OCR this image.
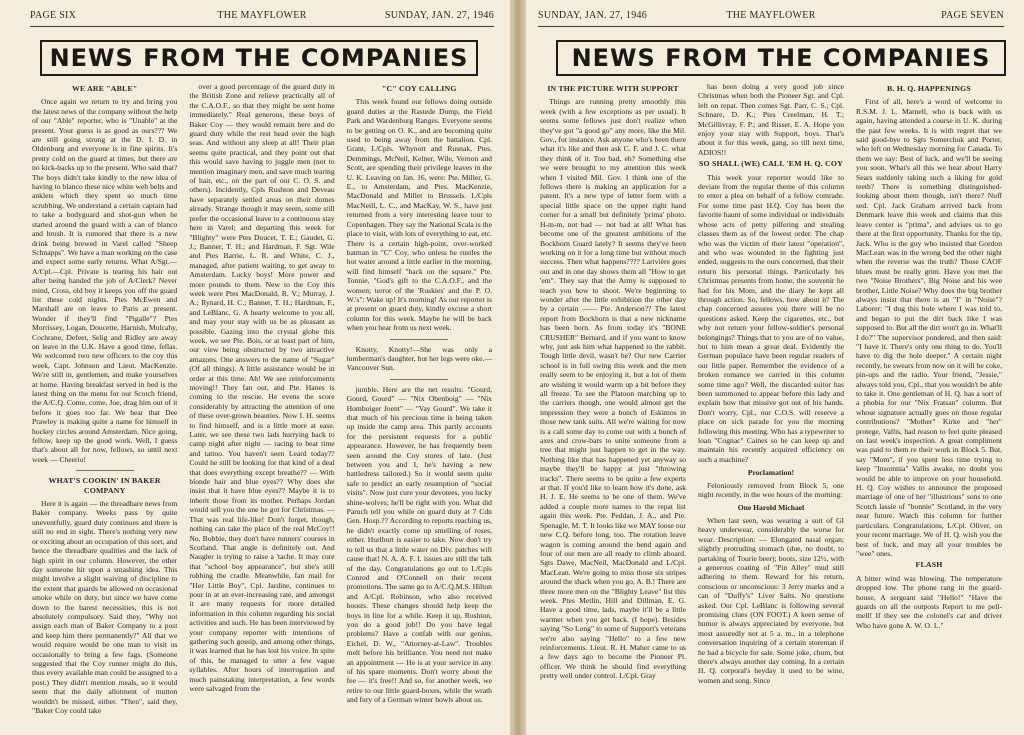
PAGE SIX	THE MAYFLOWER	SUNDAY, JAN. 27, 1946
NEWS FROM THE COMPANIES
WE ARE "ABLE"

Once again we return to try and bring you the latest news of the company without the help of our "Able" reporter, who is "Unable" at the present. Your guess is as good as ours??? We are still going strong at the D. I. D. in Oldenburg and everyone is in fine spirits. It's pretty cold on the guard at times, but there are no kick-backs up to the present. Who said that? The boys didn't take kindly to the new idea of having to blanco these nice white web belts and anklets which they spent so much time scrubbing. We understand a certain captain had to take a bodyguard and shot-gun when he started around the guard with a can of blanco and brush. It is rumored that there is a new drink being brewed in Varel called "Sheep Schnapps". We have a man working on the case and expect some early returns. What A/Sgt.—A/Cpl.—Cpl. Private is tearing his hair out after being handed the job of A/Clerk? Never mind, Cross, old boy it keeps you off the guard list these cold nights. Ptes McEwen and Marshall are on leave to Paris at present. Wonder if they'll find "Pigalle"? Ptes Morrissey, Logan, Doucette, Harnish, Mulcahy, Cochrane, Defeet, Selig and Ridley are away on leave in the U.K. Have a good time, fellas. We welcomed two new officers to the coy this week, Capt. Johnson and Lieut. MacKenzie. We're still in, gentlemen, and make yourselves at home. Having breakfast served in bed is the latest thing on the menu for our Scotch friend, the A/C.Q. Come, come, Joe, drag him out of it before it goes too far. We hear that Dee Prawley is making quite a name for himself in hockey circles around Amsterdam. Nice going, fellow, keep up the good work. Well, I guess that's about all for now, fellows, so until next week — Cheerio!

WHAT'S COOKIN' IN BAKER COMPANY

Here it is again — the threadbare news from Baker company. Weeks pass by quite uneventfully, guard duty continues and there is still no end in sight. There's nothing very new or exciting about an occupation of this sort, and hence the threadbare qualities and the lack of high spirit in our column. However, the other day someone hit upon a smashing idea. This might involve a slight waiving of discipline to the extent that guards be allowed on occasional smoke while on duty, but since we have come down to the barest necessities, this is not absolutely compulsory. Said they, "Why not assign each man of Baker Company to a post and keep him there permanently?" All that we would require would be one man to visit us occasionally to bring a few fags. (Someone suggested that the Coy runner might do this, thus every available man could be assigned to a post.) They didn't mention meals, so it would seem that the daily allotment of mutton wouldn't be missed, either. "Then", said they, "Baker Coy could take

over a good percentage of the guard duty in the British Zone and relieve practically all of the C.A.O.F., so that they might be sent home immediately." Real generous, these boys of Baker Coy — they would remain here and do guard duty while the rest head over the high seas. And without any sleep at all! Their plan seems quite practical, and they point out that this would save having to juggle men (not to mention imaginary men, and save much tearing of hair, etc., on the part of our C. O. S. and others). Incidently, Cpls Rushton and Deveau have separately settled areas on their domes already. Strange though it may seem, some still prefer the occasional leave to a continuous stay here in Varel; and departing this week for "Blighty" were Ptes Doucet, T. E.; Gaudet, G. J.; Banner, T. H.; and Hardman, F. Sgt. Wile and Ptes Barrie, L. R. and White, C. J., managed, after patient waiting, to get away to Amsterdam. Lucky boys! More power and more pounds to them. New to the Coy this week were Ptes MacDonald, R. V.; Murray, J. A.; Rynard, H. C.; Banner, T. H.; Hardman, F., and LeBlanc, G. A hearty welcome to you all, and may your stay with us be as pleasant as possible. Gazing into the crystal globe this week, we see Pte. Bois, or at least part of him, our view being obstructed by two attractive amazons. One answers to the name of "Sugar" (Of all things). A little assistance would be in order at this time. Ah! We see reinforcements moving!! They fan out, and Pte. Hanes is coming to the rescue. He evens the score considerably by attracting the attention of one of these over-grown beauties. Now I. H. seems to find himself, and is a little more at ease. Later, we see these two lads hurrying back to camp night after night — racing to beat time and tattoo. You haven't seen Leard today?? Could he still be looking for that kind of a deal that does everything except breathe?? — With blonde hair and blue eyes?? Why does she insist that it have blue eyes?? Maybe it is to inherit those from its mother. Perhaps Jordan would sell you the one he got for Christmas. — That was real life-like! Don't forget, though, nothing can take the place of the real McCoy!! No, Bobbie, they don't have runners' courses in Scotland. That angle is definitely out. And Naugler is trying to raise a 'tache. It may cure that "school boy appearance", but she's still robbing the cradle. Meanwhile, fan mail for "Her Little Boy", Cpl. Jardine, continues to pour in at an ever-increasing rate, and amongst it are many requests for more detailed information in this column regarding his social activities and such. He has been interviewed by your company reporter with intentions of gathering such gossip, and among other things, it was learned that he has lost his voice. In spite of this, he managed to utter a few vague syllables. After hours of interrogation and much painstaking interpretation, a few words were salvaged from the

"C" COY CALLING

This week found our fellows doing outside guard duties at the Rastede Dump, the Field Park and Wardenburg Ranges. Everyone seems to be getting on O. K., and are becoming quite used to being away from the battalion. Cpl. Grant, L/Cpls. Whynott and Rusnak, Ptes. Demmings, McNeil, Kelner, Wile, Vernon and Scott, are spending their privilege leaves in the U. K. Leaving on Jan. 16, were: Pte. Miller, G. E., to Amsterdam, and Ptes. MacKenzie, MacDonald and Millet to Brussels. L/Cpls MacNeill, L. C., and MacKay, W. S., have just returned from a very interesting leave tour to Copenhagen. They say the National Scala is the place to visit, with lots of everything to eat, etc. There is a certain high-point, over-worked batman in "C" Coy, who unless he rustles the hot water around a little earlier in the morning, will find himself "back on the square." Pte. Tonnie, "God's gift to the C.A.O.F., and the women; terror of the 'Ruskies' and the P. O. W.'s": Wake up! It's morning! As our reporter is at present on guard duty, kindly excuse a short column for this week. Maybe he will be back when you hear from us next week.

Knotty, Knotty!—She was only a lumberman's daughter, but her legs were oke.—Vancouver Sun.

jumble. Here are the net results: "Gourd, Gourd, Gourd" — "Nix Obenboig" — "Nix Homboiger Joent" — "Vay Gourd". We take it that much of his precious time is being taken up inside the camp area. This partly accounts for the persistent requests for a public appearance. However, he has frequently been seen around the Coy stores of late. (Just between you and I, he's having a new battledress tailored.) So it would seem quite safe to predict an early resumption of "social visits". Now just cure your devotees, you lucky shine-wolves; he'll be right with you. What did Paruch tell you while on guard duty at 7 Cdn Gen. Hosp.?? According to reports reaching us, he didn't exactly come up smelling of roses, either. Hurlburt is easier to take. Now don't try to tell us that a little water on Div. patches will cause that! N. A. A. F. I. issues are still the talk of the day. Congratulations go out to L/Cpls Conrod and O'Connell on their recent promotions. The same go to A/C.Q.M.S. Hilton and A/Cpl. Robinson, who also received boosts. These changes should help keep the boys in line for a while. Keep it up, Rushton, you do a good job!! Do you have legal problems? Have a confab with our genius, Eichel, D. W., "Attorney-at-Law". Troubles melt before his brilliance. You need not make an appointment — He is at your service in any of his spare moments. Don't worry about the fee — it's free!! And so, for another week, we retire to our little guard-boxes, while the wrath and fury of a German winter howls about us.

SUNDAY, JAN. 27, 1946	THE MAYFLOWER	PAGE SEVEN
NEWS FROM THE COMPANIES
IN THE PICTURE WITH SUPPORT

Things are running pretty smoothly this week (with a few exceptions as per usual). It seems some fellows just don't realize when they've got "a good go" any more, like the Mil. Gov., for instance. Ask anyone who's been there what it's like and then ask C. F. and J. C. what they think of it. Too bad, eh? Something else we were brought to my attention this week when I visited Mil. Gov. I think one of the fellows there is making an application for a patent. It's a new type of letter form with a special little space on the upper right hand corner for a small but definitely 'prima' photo. H-m-m, not bad — not bad at all! What has become one of the greatest ambitions of the Bockhorn Guard lately? It seems they've been working on it for a long time but without much success. Then what happens???? Larivière goes out and in one day shows them all "How to get 'em". They say that the Army is supposed to teach you how to shoot. We're beginning to wonder after the little exhibition the other day by a certain —— Pte. Anderson?? The latest report from Bockhorn is that a new nickname has been born. As from today it's "BONE CRUSHER" Bernard, and if you want to know why, just ask him what happened to the rabbit. Tough little devil, wasn't he? Our new Carrier school is in full swing this week and the men really seem to be enjoying it, but a lot of them are wishing it would warm up a bit before they all freeze. To see the Platoon marching up to the carriers though, one would almost get the impression they were a bunch of Eskimos in those new tank suits. All we're waiting for now is a call some day to come out with a bunch of axes and crow-bars to unite someone from a tree that might just happen to get in the way. Nothing like that has happened yet anyway so maybe they'll be happy at just "throwing tracks". There seems to be quite a few experts at that. If you'd like to learn how it's done, ask H. J. E. He seems to be one of them. We've added a couple more names to the repat list again this week. Pte. Peddan, J. A., and Pte. Spenagle, M. T. It looks like we MAY loose our new C.Q. before long, too. The rotation leave wagon is coming around the bend again and four of our men are all ready to climb aboard. Sgts Dawe, MacNeil, MacDonald and L/Cpl. MacLean. We're going to miss those six stripes around the shack when you go, A. B.! There are three more men on the "Blighty Leave" list this week. Ptes Metlin, Hill and Dillman, E. G. Have a good time, lads, maybe it'll be a little warmer when you get back. (I hope). Besides saying "So Long" to some of Support's veterans we're also saying "Hello" to a few new reinforcements. Lieut. R. H. Maher came to us a few days ago to become the Pioneer Pl. officer. We think he should find everything pretty well under control. L/Cpl. Gray

has been doing a very good job since Christmas when both the Pioneer Sgt. and Cpl. left on repat. Then comes Sgt. Parr, C. S.; Cpl. Schnare, D. K.; Ptes Creelman, H. T.; McGillivray, F. P.; and Risser, E. A. Hope you enjoy your stay with Support, boys. That's about it for this week, gang, so till next time, ADIOS!!

SO SHALL (WE) CALL 'EM H. Q. COY

This week your reporter would like to deviate from the regular theme of this column to enter a plea on behalf of a fellow comrade. For some time past H.Q. Coy has been the favorite haunt of some individual or individuals whose acts of petty pilfering and stealing classes them as of the lowest order. The chap who was the victim of their latest "operation", and who was wounded in the fighting just ended, suggests to the ours concerned, that their return his personal things. Particularly his Christmas presents from home, the souvenir he had for his Mom, and the diary he kept all through action. So, fellows, how about it? The chap concerned assures you there will be no questions asked. Keep the cigarettes, etc., but why not return your fellow-soldier's personal belongings? Things that to you are of no value, but to him mean a great deal. Evidently the German populace have been regular readers of our little paper. Remember the evidence of a broken romance we carried in this column some time ago? Well, the discarded suitor has been summoned to appear before this lady and explain how that missive got out of his hands. Don't worry, Cpl., our C.O.S. will reserve a place on sick parade for you the morning following this meeting. Who has a typewriter to loan "Cognac" Caines so he can keep up and maintain his recently acquired efficiency on such a machine?

Proclamation!

Feloniously removed from Block 5, one night recently, in the wee hours of the morning:

One Harold Michael

When last seen, was wearing a suit of GI heavy underwear, considerably the worse for wear. Description: — Elongated nasal organ; slightly protruding stomach (due, no doubt, to partaking of Tourie beer); boots, size 12½, with a generous coating of "Pin Alley" mud still adhering to them. Reward for his return, conscious or unconscious: 3 Jerry marks and a can of "Duffy's" Liver Salts. No questions asked. Our Cpl. LeBlanc is following several promising clues (ON FOOT.) A keen sense of humor is always appreciated by everyone, but most assuredly not at 5 a. m., in a telephone conversation inquiring of a certain storeman if he had a bicycle for sale. Some joke, chum, but there's always another day coming. In a certain H. Q. corporal's heyday it used to be wine, women and song. Since

B. H. Q. HAPPENINGS

First of all, here's a word of welcome to R.S.M. J. L. Marnell, who is back with us again, having attended a course in U. K. during the past few weeks. It is with regret that we said good-bye to Sgts Somerchuk and Porter, who left on Wednesday morning for Canada. To them we say: Best of luck, and we'll be seeing you soon. What's all this we hear about Harry Sears suddenly taking such a liking for gold teeth? There is something distinguished-looking about them though, isn't there? Nuff sed. Cpl. Jack Graham arrived back from Denmark leave this week and claims that this leave center is "prima", and advises us to go there at the first opportunity. Thanks for the tip, Jack. Who is the guy who insisted that Gordon MacLean was in the wrong bed the other night when the reverse was the truth? Those CAOF blues must be really grim. Have you met the two "Noise Brothers", Big Noise and his wee brother, Little Noise? Why does the big brother always insist that there is an "I" in "Noise"? Laborer: "I dug this hole where I was told to, and began to put the dirt back like I was supposed to. But all the dirt won't go in. What'll I do?" The supervisor pondered, and then said: "I have it. There's only one thing to do. You'll have to dig the hole deeper." A certain night recently, he swears from now on it will be coke, pin-ups and the radio. Your friend, "Jessie," always told you, Cpl., that you wouldn't be able to take it. One gentleman of H. Q. has a sort of a phobia for our "Nix Fratsan" column. But whose signature actually goes on those regular contributions? "Mother" Kirke and "her" protege, Vallis, had reason to feel quite pleased on last week's inspection. A great compliment was paid to them re their work in Block 5. But, say "Mom", if you spent less time trying to keep "Insomnia" Vallis awake, no doubt you would be able to improve on your household. H. Q. Coy wishes to announce the proposed marriage of one of her "illustrious" sons to one Scotch lassie of "bonnie" Scotland, in the very near future. Watch this column for further particulars. Congratulations, L/Cpl. Oliver, on your recent marriage. We of H. Q. wish you the best of luck, and may all your troubles be "wee" ones.

FLASH

A bitter wind was blowing. The temperature dropped low. The phone rang in the guard-house, A sergeant said "Hello!" "Have the guards on all the outposts Report to me pell-mell! If they see the colonel's car and driver Who have gone A. W. O. L."
